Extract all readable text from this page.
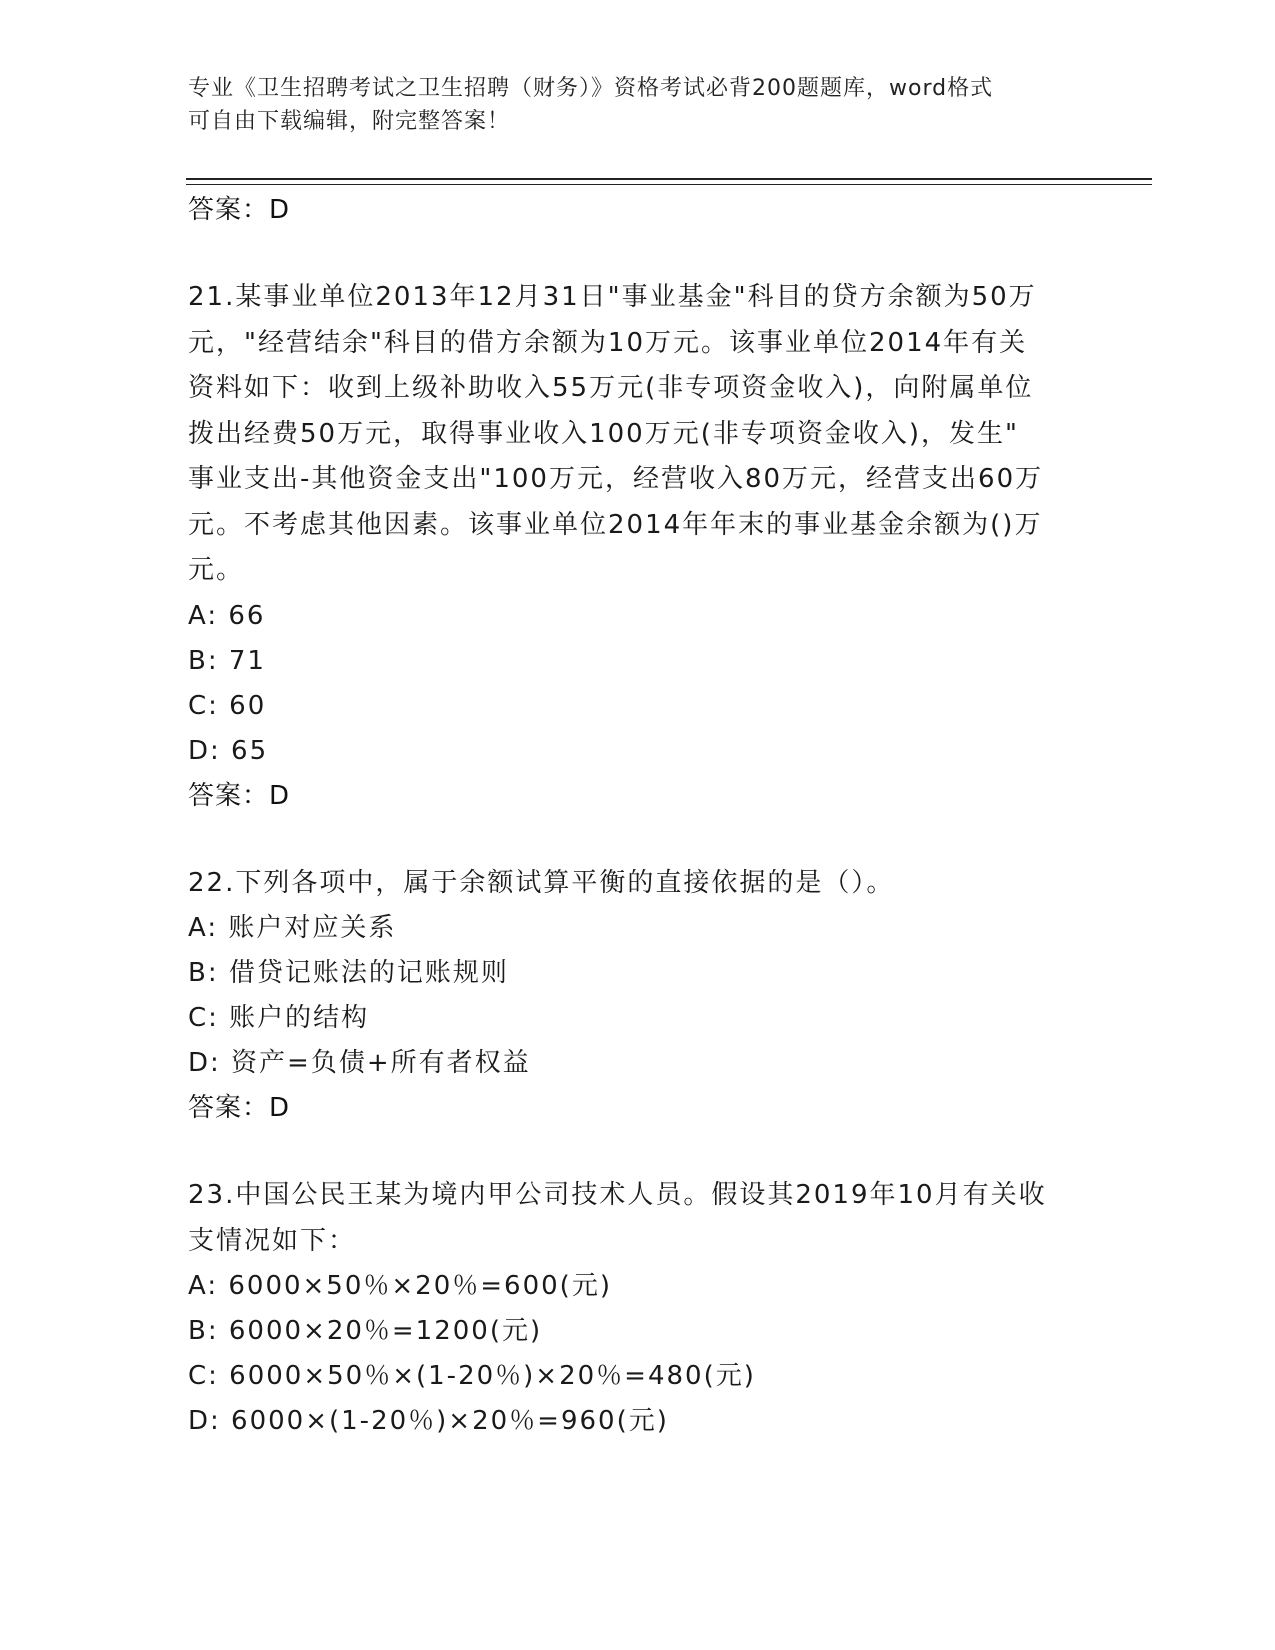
专业《卫生招聘考试之卫生招聘（财务）》资格考试必背200题题库，word格式
可自由下载编辑，附完整答案！

答案：D

21.某事业单位2013年12月31日"事业基金"科目的贷方余额为50万

元，"经营结余"科目的借方余额为10万元。该事业单位2014年有关

资料如下：收到上级补助收入55万元(非专项资金收入)，向附属单位

拨出经费50万元，取得事业收入100万元(非专项资金收入)，发生"

事业支出-其他资金支出"100万元，经营收入80万元，经营支出60万

元。不考虑其他因素。该事业单位2014年年末的事业基金余额为()万

元。

A: 66

B: 71

C: 60

D: 65

答案：D

22.下列各项中，属于余额试算平衡的直接依据的是（）。

A: 账户对应关系

B: 借贷记账法的记账规则

C: 账户的结构

D: 资产=负债+所有者权益

答案：D

23.中国公民王某为境内甲公司技术人员。假设其2019年10月有关收

支情况如下：

A: 6000×50％×20％=600(元)

B: 6000×20％=1200(元)

C: 6000×50％×(1-20％)×20％=480(元)

D: 6000×(1-20％)×20％=960(元)
